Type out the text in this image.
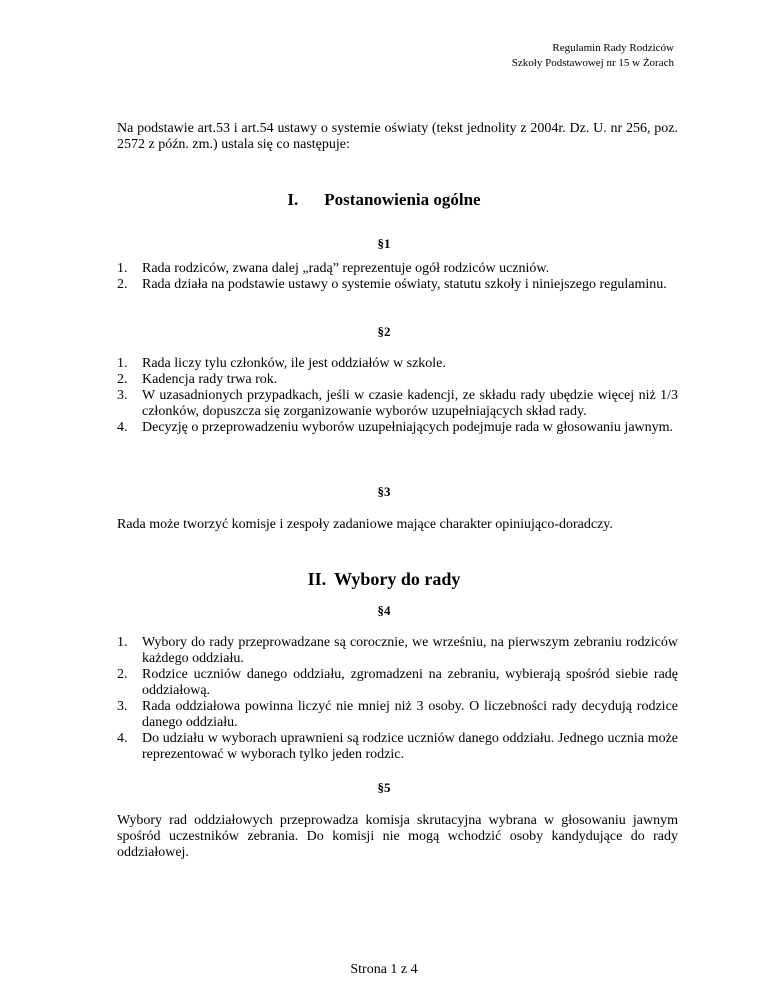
Regulamin Rady Rodziców
Szkoły Podstawowej nr 15 w Żorach
Na podstawie art.53 i art.54 ustawy o systemie oświaty (tekst jednolity z 2004r. Dz. U. nr 256, poz. 2572 z późn. zm.) ustala się co następuje:
I. Postanowienia ogólne
§1
1. Rada rodziców, zwana dalej „radą” reprezentuje ogół rodziców uczniów.
2. Rada działa na podstawie ustawy o systemie oświaty, statutu szkoły i niniejszego regulaminu.
§2
1. Rada liczy tylu członków, ile jest oddziałów w szkole.
2. Kadencja rady trwa rok.
3. W uzasadnionych przypadkach, jeśli w czasie kadencji, ze składu rady ubędzie więcej niż 1/3 członków, dopuszcza się zorganizowanie wyborów uzupełniających skład rady.
4. Decyzję o przeprowadzeniu wyborów uzupełniających podejmuje rada w głosowaniu jawnym.
§3
Rada może tworzyć komisje i zespoły zadaniowe mające charakter opiniująco-doradczy.
II. Wybory do rady
§4
1. Wybory do rady przeprowadzane są corocznie, we wrześniu, na pierwszym zebraniu rodziców każdego oddziału.
2. Rodzice uczniów danego oddziału, zgromadzeni na zebraniu, wybierają spośród siebie radę oddziałową.
3. Rada oddziałowa powinna liczyć nie mniej niż 3 osoby. O liczebności rady decydują rodzice danego oddziału.
4. Do udziału w wyborach uprawnieni są rodzice uczniów danego oddziału. Jednego ucznia może reprezentować w wyborach tylko jeden rodzic.
§5
Wybory rad oddziałowych przeprowadza komisja skrutacyjna wybrana w głosowaniu jawnym spośród uczestników zebrania. Do komisji nie mogą wchodzić osoby kandydujące do rady oddziałowej.
Strona 1 z 4
